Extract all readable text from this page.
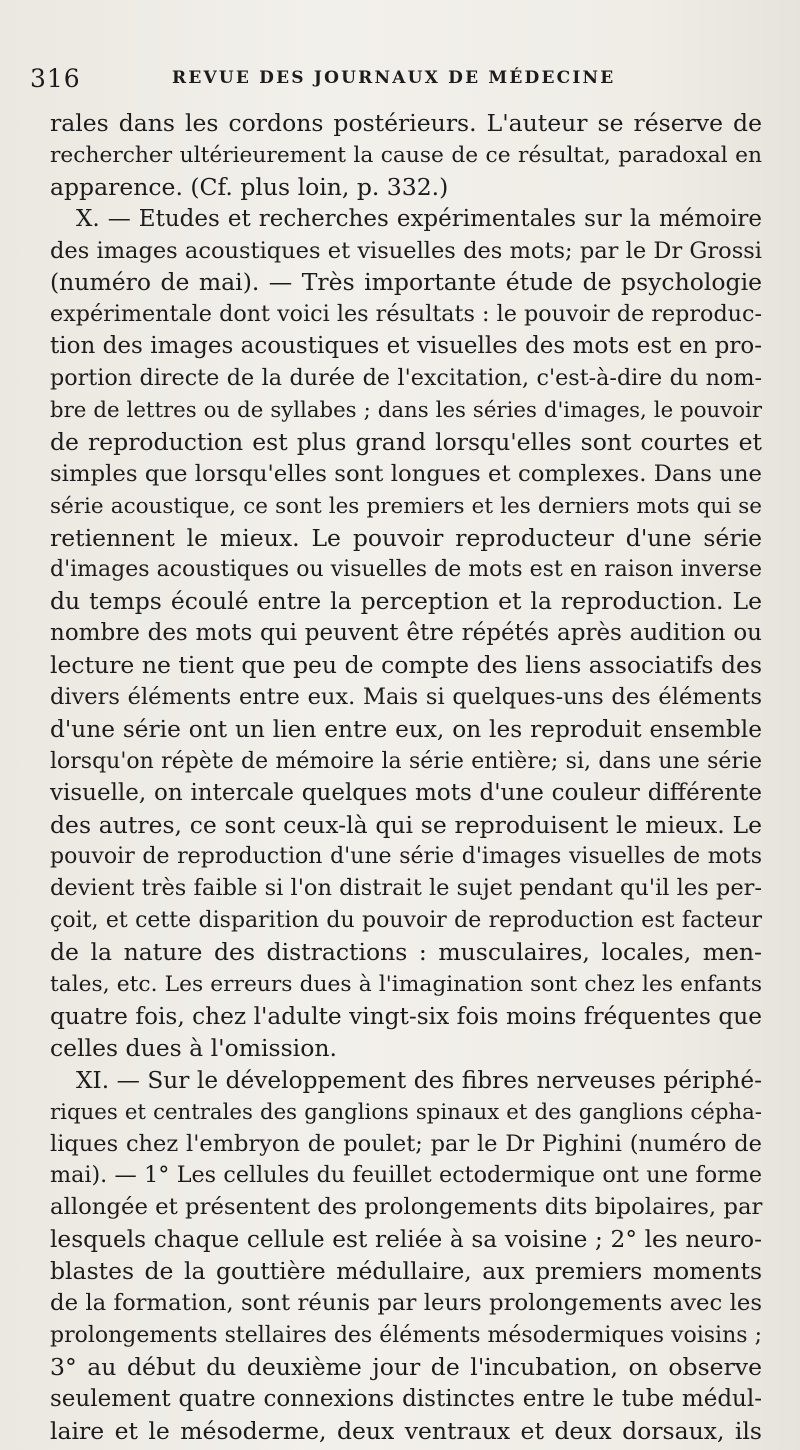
316	REVUE DES JOURNAUX DE MÉDECINE
rales dans les cordons postérieurs. L'auteur se réserve de
rechercher ultérieurement la cause de ce résultat, paradoxal en
apparence. (Cf. plus loin, p. 332.)
X. — Etudes et recherches expérimentales sur la mémoire
des images acoustiques et visuelles des mots; par le Dr Grossi
(numéro de mai). — Très importante étude de psychologie
expérimentale dont voici les résultats : le pouvoir de reproduc-
tion des images acoustiques et visuelles des mots est en pro-
portion directe de la durée de l'excitation, c'est-à-dire du nom-
bre de lettres ou de syllabes ; dans les séries d'images, le pouvoir
de reproduction est plus grand lorsqu'elles sont courtes et
simples que lorsqu'elles sont longues et complexes. Dans une
série acoustique, ce sont les premiers et les derniers mots qui se
retiennent le mieux. Le pouvoir reproducteur d'une série
d'images acoustiques ou visuelles de mots est en raison inverse
du temps écoulé entre la perception et la reproduction. Le
nombre des mots qui peuvent être répétés après audition ou
lecture ne tient que peu de compte des liens associatifs des
divers éléments entre eux. Mais si quelques-uns des éléments
d'une série ont un lien entre eux, on les reproduit ensemble
lorsqu'on répète de mémoire la série entière; si, dans une série
visuelle, on intercale quelques mots d'une couleur différente
des autres, ce sont ceux-là qui se reproduisent le mieux. Le
pouvoir de reproduction d'une série d'images visuelles de mots
devient très faible si l'on distrait le sujet pendant qu'il les per-
çoit, et cette disparition du pouvoir de reproduction est facteur
de la nature des distractions : musculaires, locales, men-
tales, etc. Les erreurs dues à l'imagination sont chez les enfants
quatre fois, chez l'adulte vingt-six fois moins fréquentes que
celles dues à l'omission.
XI. — Sur le développement des fibres nerveuses périphé-
riques et centrales des ganglions spinaux et des ganglions cépha-
liques chez l'embryon de poulet; par le Dr Pighini (numéro de
mai). — 1° Les cellules du feuillet ectodermique ont une forme
allongée et présentent des prolongements dits bipolaires, par
lesquels chaque cellule est reliée à sa voisine ; 2° les neuro-
blastes de la gouttière médullaire, aux premiers moments
de la formation, sont réunis par leurs prolongements avec les
prolongements stellaires des éléments mésodermiques voisins ;
3° au début du deuxième jour de l'incubation, on observe
seulement quatre connexions distinctes entre le tube médul-
laire et le mésoderme, deux ventraux et deux dorsaux, ils
